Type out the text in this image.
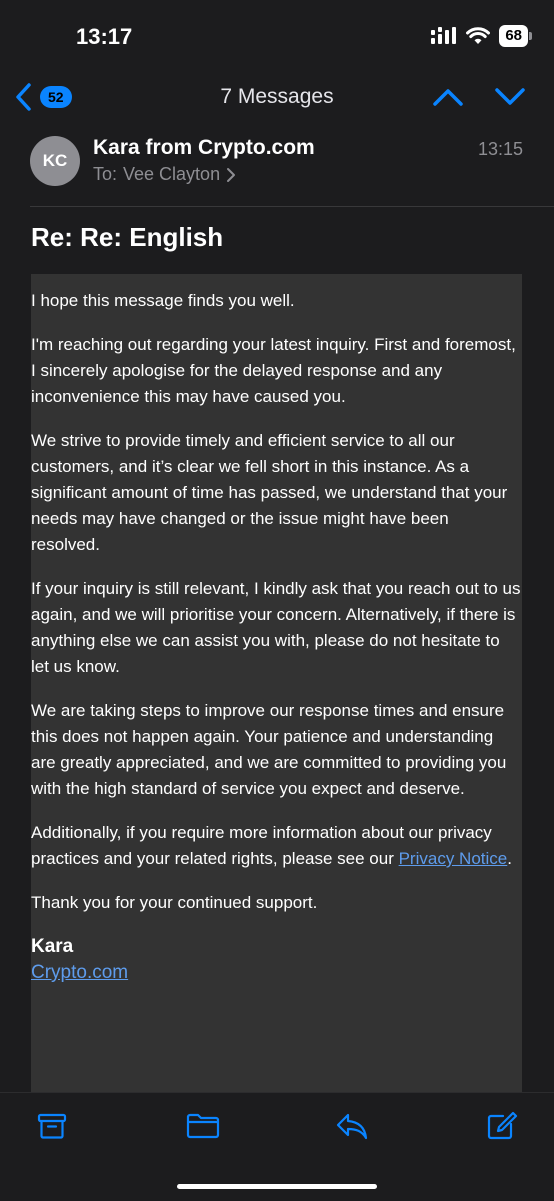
13:17	68
52	7 Messages
KC
Kara from Crypto.com
To: Vee Clayton
13:15
Re: Re: English

I hope this message finds you well.

I'm reaching out regarding your latest inquiry. First and foremost, I sincerely apologise for the delayed response and any inconvenience this may have caused you.

We strive to provide timely and efficient service to all our customers, and it’s clear we fell short in this instance. As a significant amount of time has passed, we understand that your needs may have changed or the issue might have been resolved.

If your inquiry is still relevant, I kindly ask that you reach out to us again, and we will prioritise your concern. Alternatively, if there is anything else we can assist you with, please do not hesitate to let us know.

We are taking steps to improve our response times and ensure this does not happen again. Your patience and understanding are greatly appreciated, and we are committed to providing you with the high standard of service you expect and deserve.

Additionally, if you require more information about our privacy practices and your related rights, please see our Privacy Notice.

Thank you for your continued support.

Kara
Crypto.com
